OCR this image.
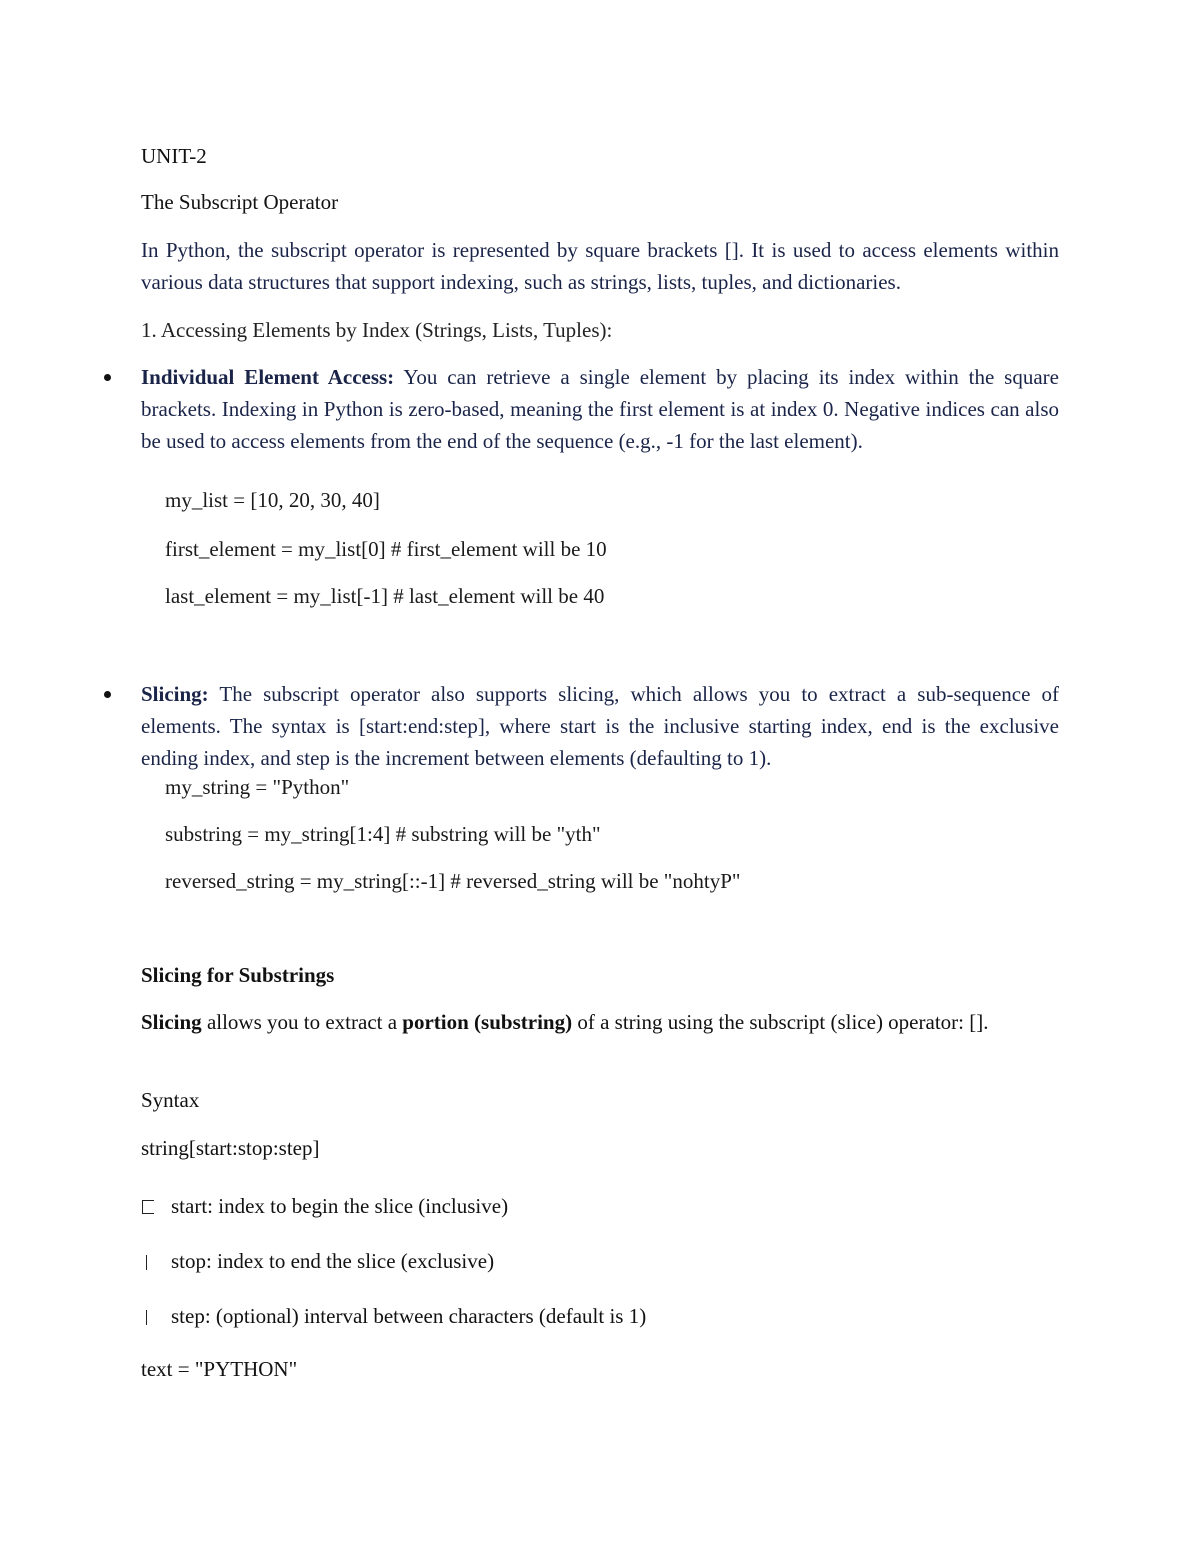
UNIT-2
The Subscript Operator
In Python, the subscript operator is represented by square brackets []. It is used to access elements within various data structures that support indexing, such as strings, lists, tuples, and dictionaries.
1. Accessing Elements by Index (Strings, Lists, Tuples):
Individual Element Access: You can retrieve a single element by placing its index within the square brackets. Indexing in Python is zero-based, meaning the first element is at index 0. Negative indices can also be used to access elements from the end of the sequence (e.g., -1 for the last element).
my_list = [10, 20, 30, 40]
first_element = my_list[0] # first_element will be 10
last_element = my_list[-1] # last_element will be 40
Slicing: The subscript operator also supports slicing, which allows you to extract a sub-sequence of elements. The syntax is [start:end:step], where start is the inclusive starting index, end is the exclusive ending index, and step is the increment between elements (defaulting to 1).
my_string = "Python"
substring = my_string[1:4] # substring will be "yth"
reversed_string = my_string[::-1] # reversed_string will be "nohtyP"
Slicing for Substrings
Slicing allows you to extract a portion (substring) of a string using the subscript (slice) operator: [].
Syntax
string[start:stop:step]
start: index to begin the slice (inclusive)
stop: index to end the slice (exclusive)
step: (optional) interval between characters (default is 1)
text = "PYTHON"
